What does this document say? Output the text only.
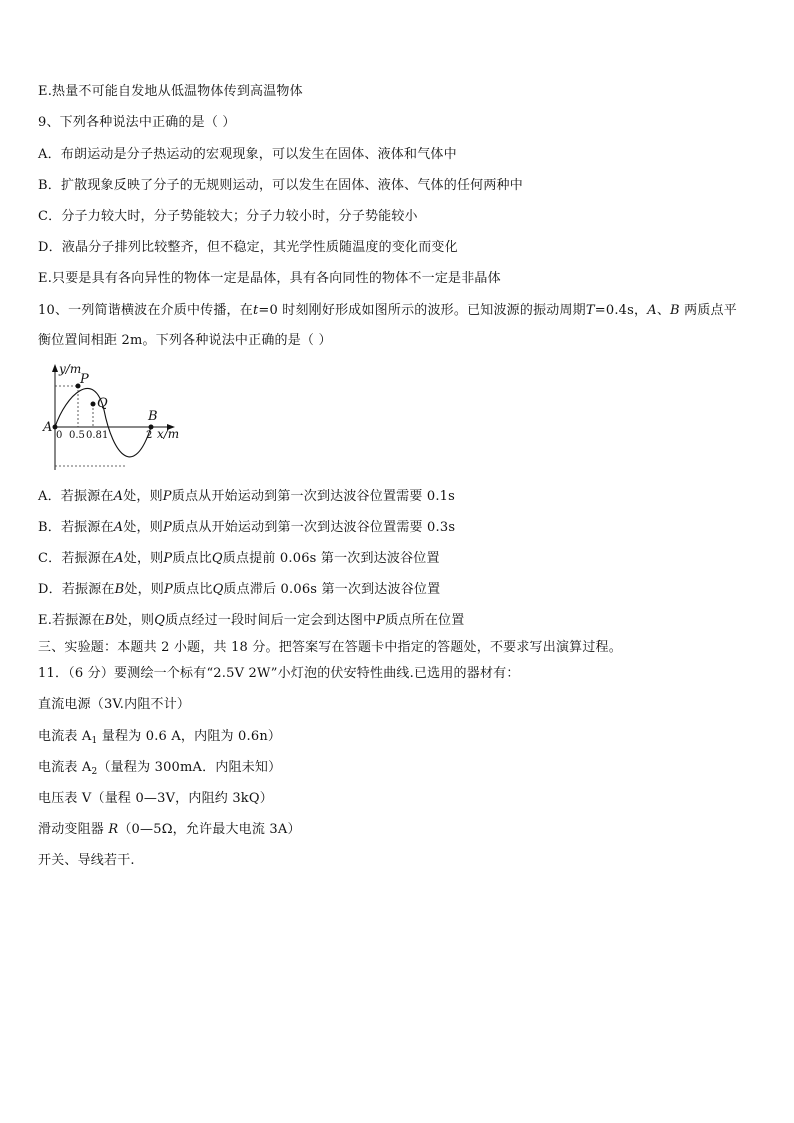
E.热量不可能自发地从低温物体传到高温物体
9、下列各种说法中正确的是（ ）
A．布朗运动是分子热运动的宏观现象，可以发生在固体、液体和气体中
B．扩散现象反映了分子的无规则运动，可以发生在固体、液体、气体的任何两种中
C．分子力较大时，分子势能较大；分子力较小时，分子势能较小
D．液晶分子排列比较整齐，但不稳定，其光学性质随温度的变化而变化
E.只要是具有各向异性的物体一定是晶体，具有各向同性的物体不一定是非晶体
10、一列简谐横波在介质中传播，在t=0 时刻刚好形成如图所示的波形。已知波源的振动周期T=0.4s，A、B 两质点平
衡位置间相距 2m。下列各种说法中正确的是（ ）
y/m
x/m
P
Q
B
A
0 0.5 0.8 1	2
A．若振源在A处，则P质点从开始运动到第一次到达波谷位置需要 0.1s
B．若振源在A处，则P质点从开始运动到第一次到达波谷位置需要 0.3s
C．若振源在A处，则P质点比Q质点提前 0.06s 第一次到达波谷位置
D．若振源在B处，则P质点比Q质点滞后 0.06s 第一次到达波谷位置
E.若振源在B处，则Q质点经过一段时间后一定会到达图中P质点所在位置
三、实验题：本题共 2 小题，共 18 分。把答案写在答题卡中指定的答题处，不要求写出演算过程。
11．（6 分）要测绘一个标有“2.5V 2W”小灯泡的伏安特性曲线.已选用的器材有：
直流电源（3V.内阻不计）
电流表 $A_1$ 量程为 0.6 A，内阻为 0.6n）
电流表 $A_2$（量程为 300mA．内阻未知）
电压表 V（量程 0—3V，内阻约 3kQ）
滑动变阻器 R（0—5Ω，允许最大电流 3A）
开关、导线若干.
